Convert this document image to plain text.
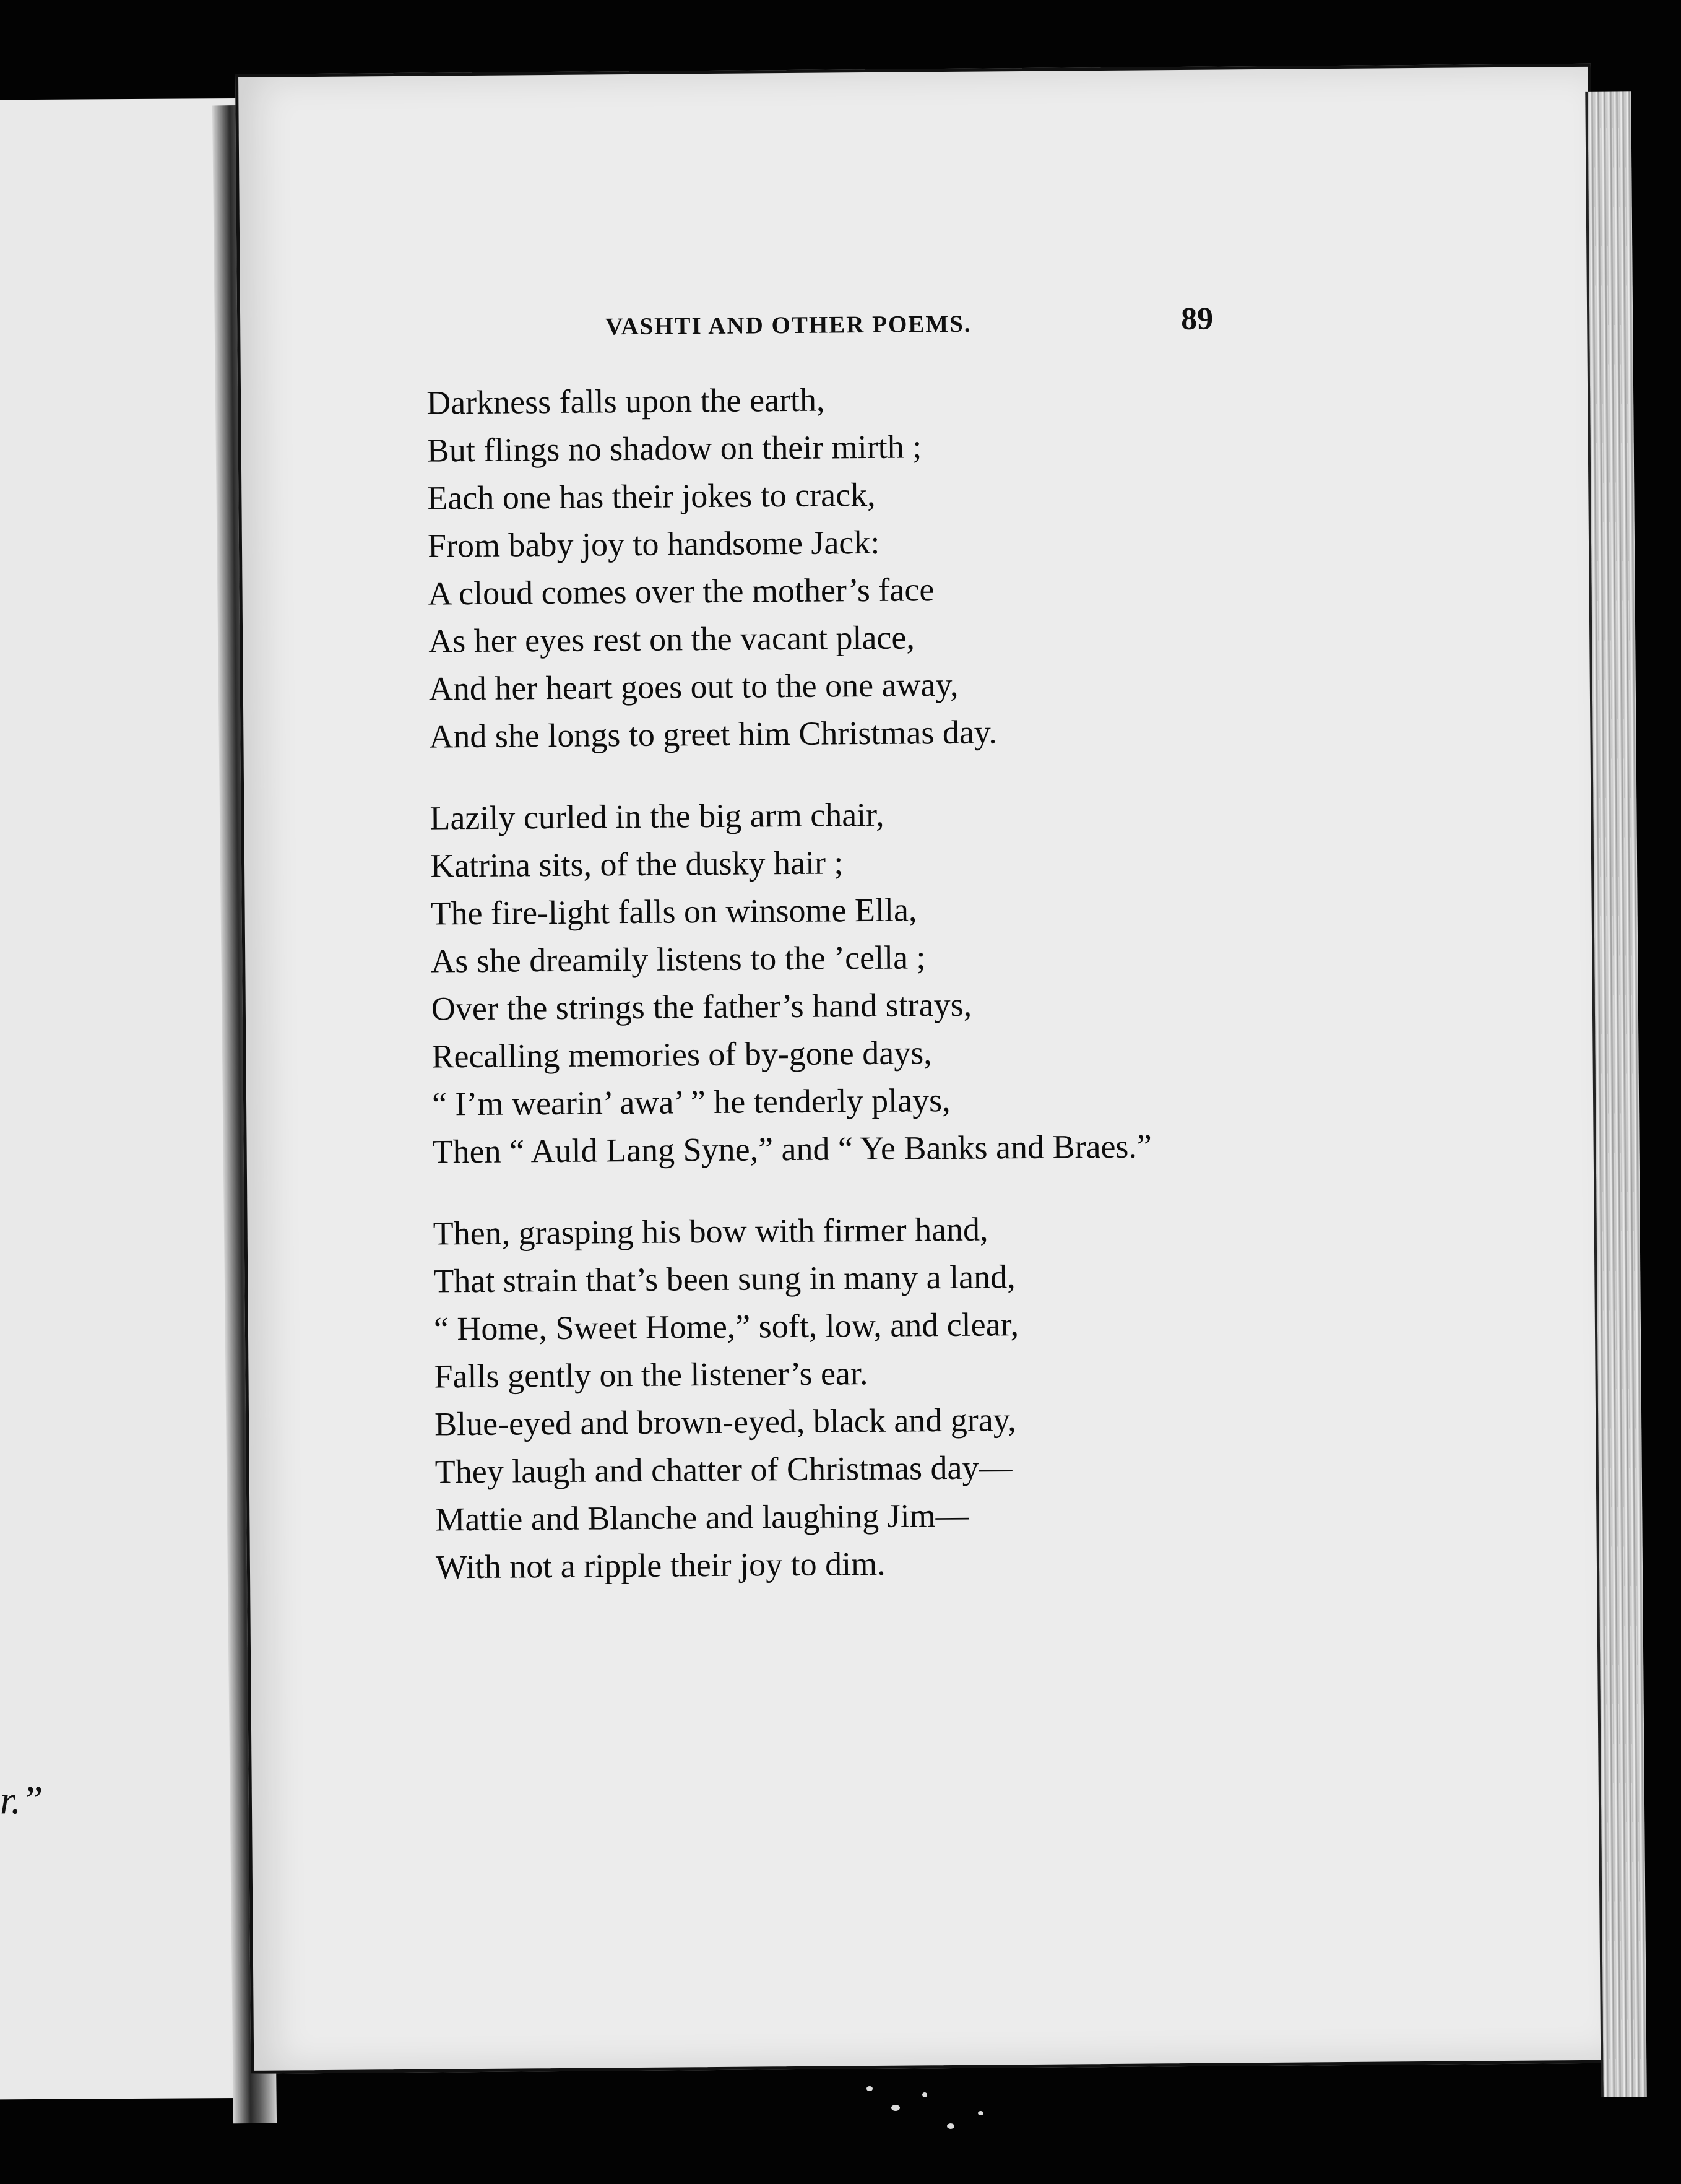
r.”
VASHTI AND OTHER POEMS.	89
Darkness falls upon the earth,
But flings no shadow on their mirth ;
Each one has their jokes to crack,
From baby joy to handsome Jack:
A cloud comes over the mother’s face
As her eyes rest on the vacant place,
And her heart goes out to the one away,
And she longs to greet him Christmas day.
Lazily curled in the big arm chair,
Katrina sits, of the dusky hair ;
The fire-light falls on winsome Ella,
As she dreamily listens to the ’cella ;
Over the strings the father’s hand strays,
Recalling memories of by-gone days,
“ I’m wearin’ awa’ ” he tenderly plays,
Then “ Auld Lang Syne,” and “ Ye Banks and Braes.”
Then, grasping his bow with firmer hand,
That strain that’s been sung in many a land,
“ Home, Sweet Home,” soft, low, and clear,
Falls gently on the listener’s ear.
Blue-eyed and brown-eyed, black and gray,
They laugh and chatter of Christmas day—
Mattie and Blanche and laughing Jim—
With not a ripple their joy to dim.
